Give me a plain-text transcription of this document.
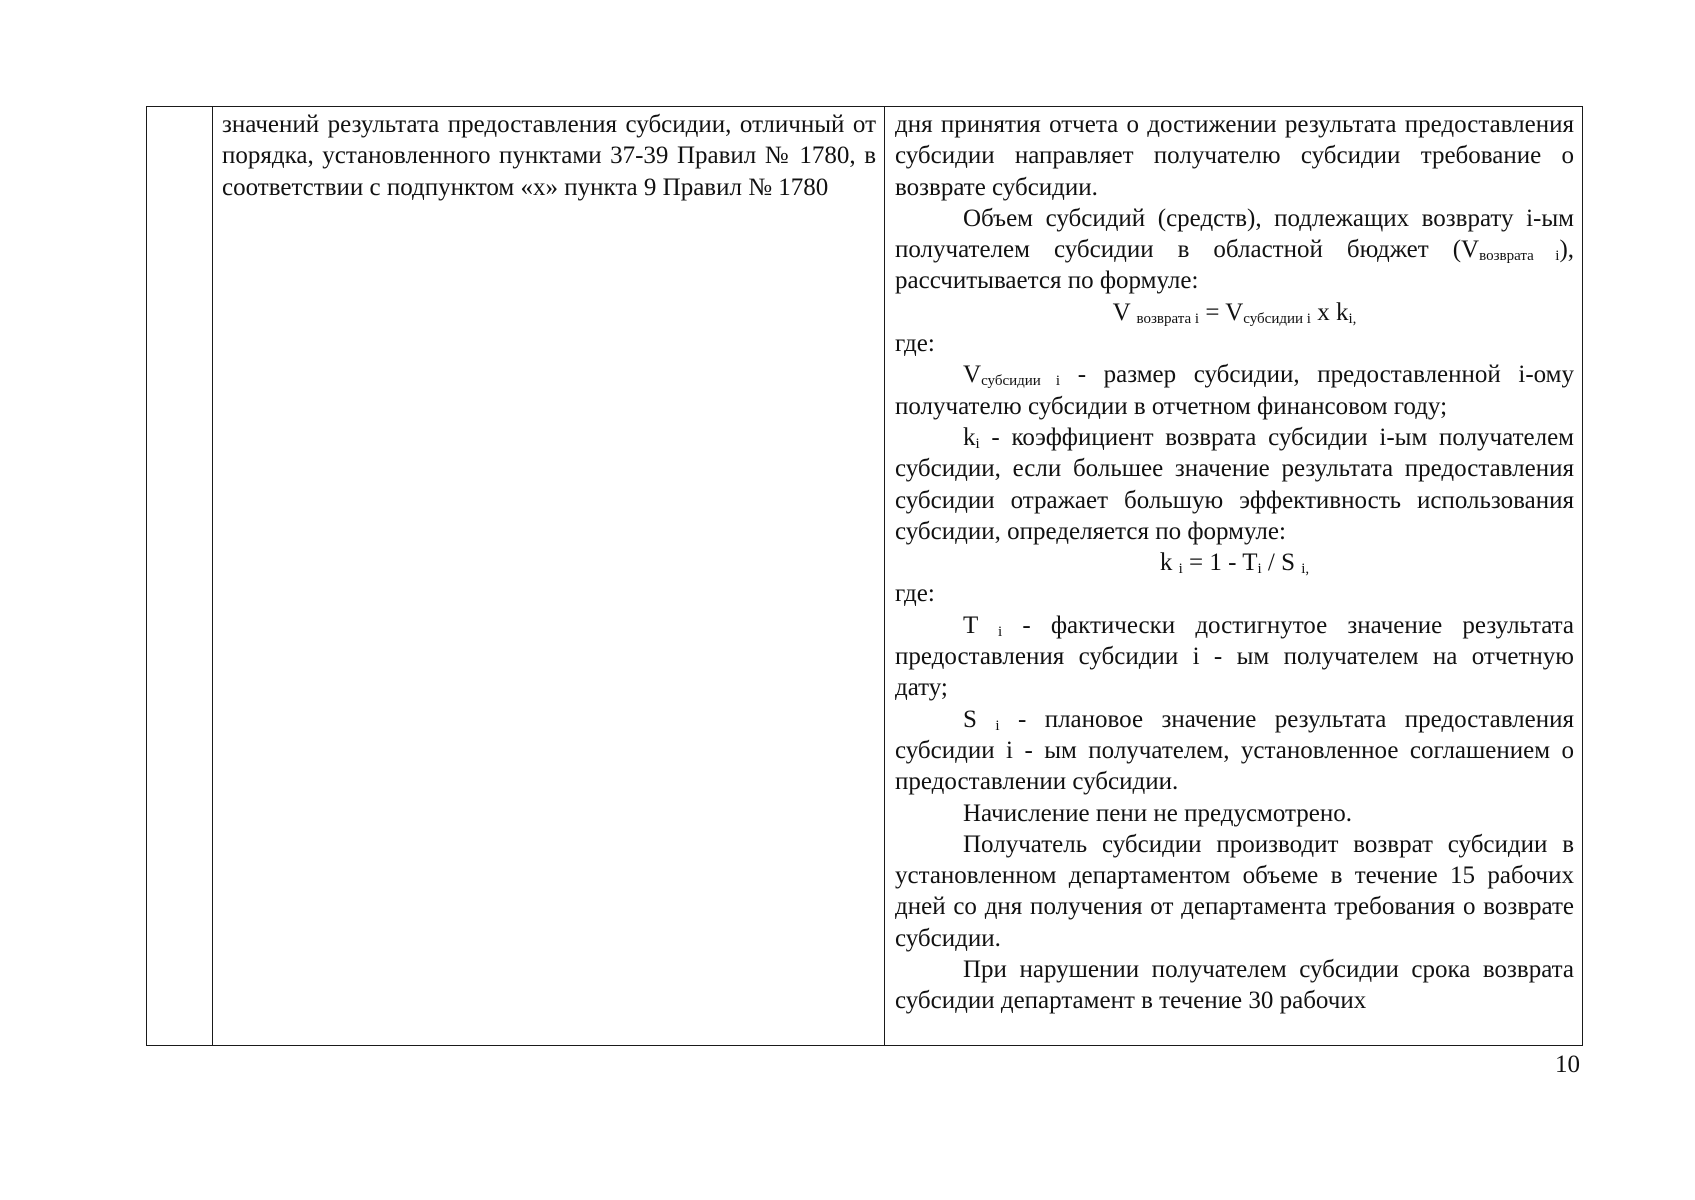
значений результата предоставления субсидии, отличный от порядка, установленного пунктами 37-39 Правил № 1780, в соответствии с подпунктом «х» пункта 9 Правил № 1780

дня принятия отчета о достижении результата предоставления субсидии направляет получателю субсидии требование о возврате субсидии.

Объем субсидий (средств), подлежащих возврату i-ым получателем субсидии в областной бюджет $(V_{возврата i})$, рассчитывается по формуле:

V $_{возврата i} = V_{субсидии i}$ x $k_{i,}$

где:

$V_{субсидии i}$ - размер субсидии, предоставленной i-ому получателю субсидии в отчетном финансовом году;

$k_i$ - коэффициент возврата субсидии i-ым получателем субсидии, если большее значение результата предоставления субсидии отражает большую эффективность использования субсидии, определяется по формуле:

k $_i = 1 - T_i / S$ $_{i,}$

где:

T $_i$ - фактически достигнутое значение результата предоставления субсидии i - ым получателем на отчетную дату;

S $_i$ - плановое значение результата предоставления субсидии i - ым получателем, установленное соглашением о предоставлении субсидии.

Начисление пени не предусмотрено.

Получатель субсидии производит возврат субсидии в установленном департаментом объеме в течение 15 рабочих дней со дня получения от департамента требования о возврате субсидии.

При нарушении получателем субсидии срока возврата субсидии департамент в течение 30 рабочих

10
